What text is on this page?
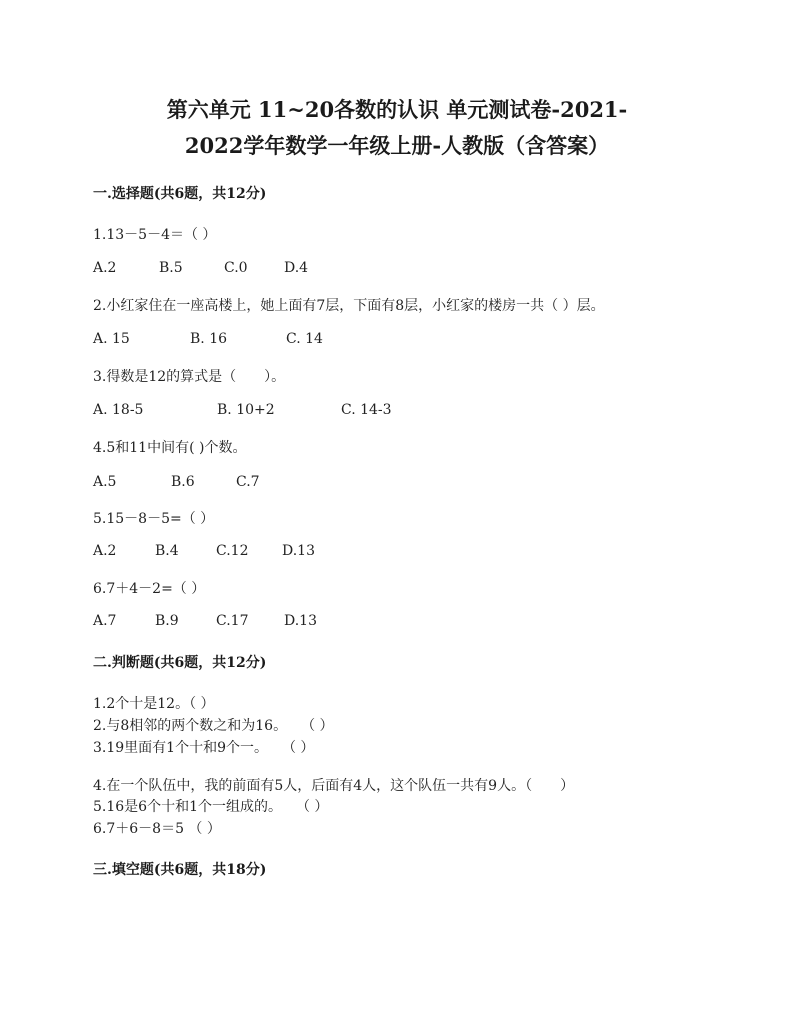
第六单元 11~20各数的认识 单元测试卷-2021-
2022学年数学一年级上册-人教版（含答案）
一.选择题(共6题，共12分)
1.13－5－4＝（ ）
A.2	B.5	C.0	D.4
2.小红家住在一座高楼上，她上面有7层，下面有8层，小红家的楼房一共（ ）层。
A. 15	B. 16	C. 14
3.得数是12的算式是（　　）。
A. 18-5	B. 10+2	C. 14-3
4.5和11中间有( )个数。
A.5	B.6	C.7
5.15－8－5=（ ）
A.2	B.4	C.12 D.13
6.7＋4－2=（ ）
A.7	B.9	C.17	D.13
二.判断题(共6题，共12分)
1.2个十是12。（ ）
2.与8相邻的两个数之和为16。　　（ ）
3.19里面有1个十和9个一。　　（ ）
4.在一个队伍中，我的前面有5人，后面有4人，这个队伍一共有9人。（　　）
5.16是6个十和1个一组成的。　　（ ）
6.7＋6－8＝5 （ ）
三.填空题(共6题，共18分)
